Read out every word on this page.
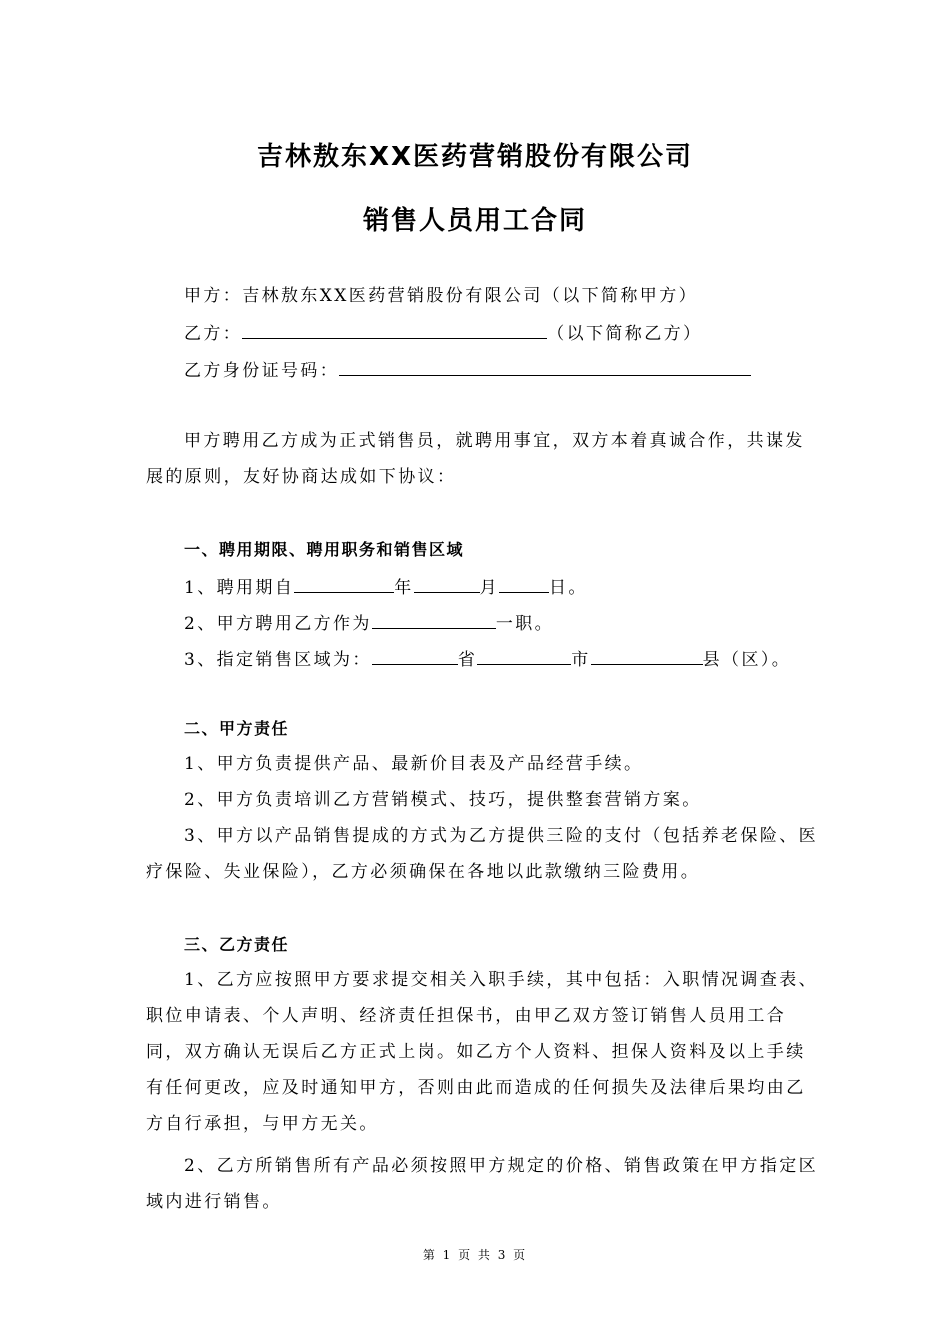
吉林敖东XX医药营销股份有限公司
销售人员用工合同
甲方：吉林敖东XX医药营销股份有限公司（以下简称甲方）
乙方：	（以下简称乙方）
乙方身份证号码：
甲方聘用乙方成为正式销售员，就聘用事宜，双方本着真诚合作，共谋发
展的原则，友好协商达成如下协议：
一、聘用期限、聘用职务和销售区域
1、聘用期自	年	月	日。
2、甲方聘用乙方作为	一职。
3、指定销售区域为：	省	市	县（区）。
二、甲方责任
1、甲方负责提供产品、最新价目表及产品经营手续。
2、甲方负责培训乙方营销模式、技巧，提供整套营销方案。
3、甲方以产品销售提成的方式为乙方提供三险的支付（包括养老保险、医
疗保险、失业保险），乙方必须确保在各地以此款缴纳三险费用。
三、乙方责任
1、乙方应按照甲方要求提交相关入职手续，其中包括：入职情况调查表、
职位申请表、个人声明、经济责任担保书，由甲乙双方签订销售人员用工合
同，双方确认无误后乙方正式上岗。如乙方个人资料、担保人资料及以上手续
有任何更改，应及时通知甲方，否则由此而造成的任何损失及法律后果均由乙
方自行承担，与甲方无关。
2、乙方所销售所有产品必须按照甲方规定的价格、销售政策在甲方指定区
域内进行销售。
第 1 页 共 3 页
